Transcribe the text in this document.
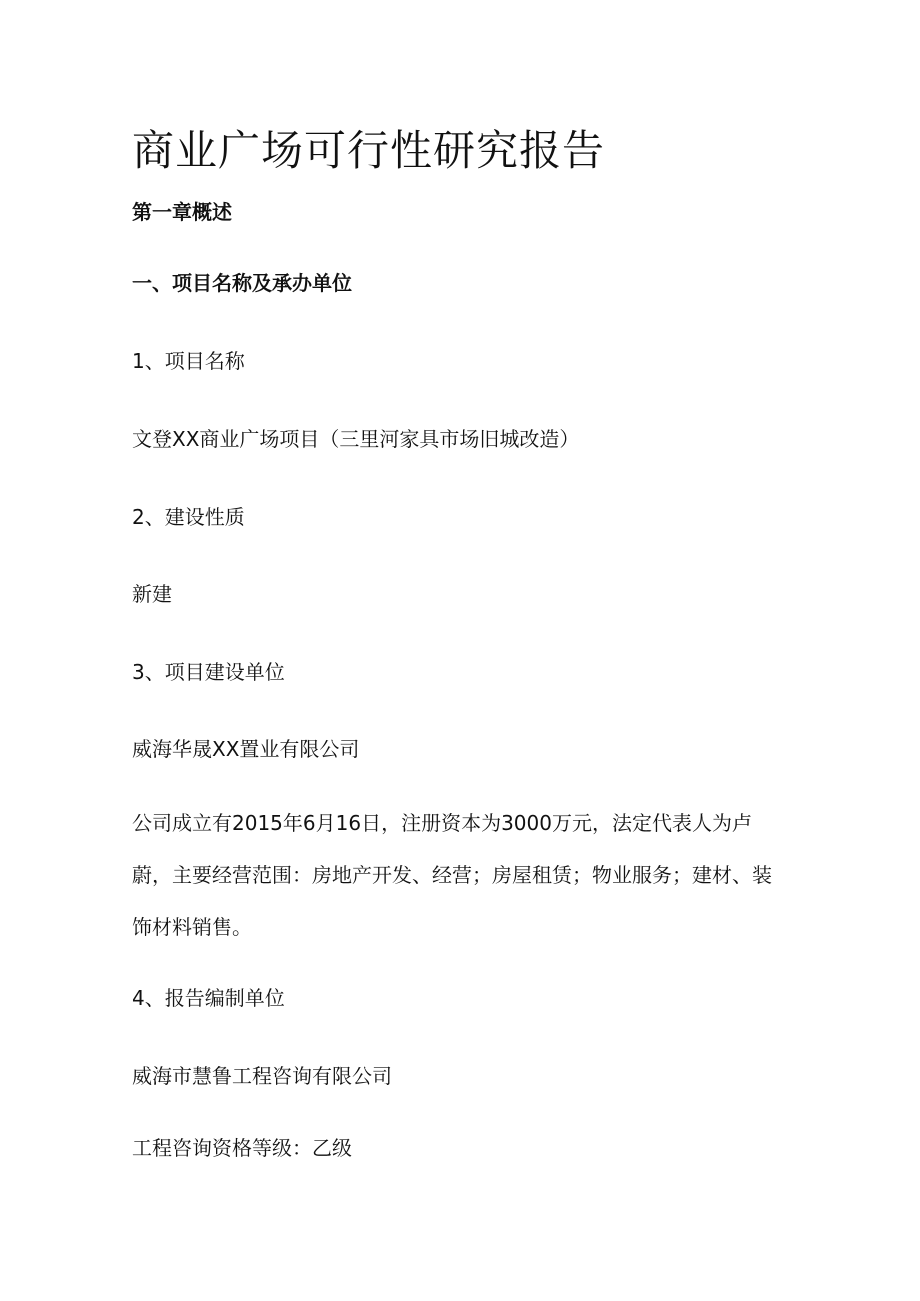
商业广场可行性研究报告
第一章概述
一、项目名称及承办单位
1、项目名称
文登XX商业广场项目（三里河家具市场旧城改造）
2、建设性质
新建
3、项目建设单位
威海华晟XX置业有限公司
公司成立有2015年6月16日，注册资本为3000万元，法定代表人为卢蔚，主要经营范围：房地产开发、经营；房屋租赁；物业服务；建材、装饰材料销售。
4、报告编制单位
威海市慧鲁工程咨询有限公司
工程咨询资格等级：乙级
